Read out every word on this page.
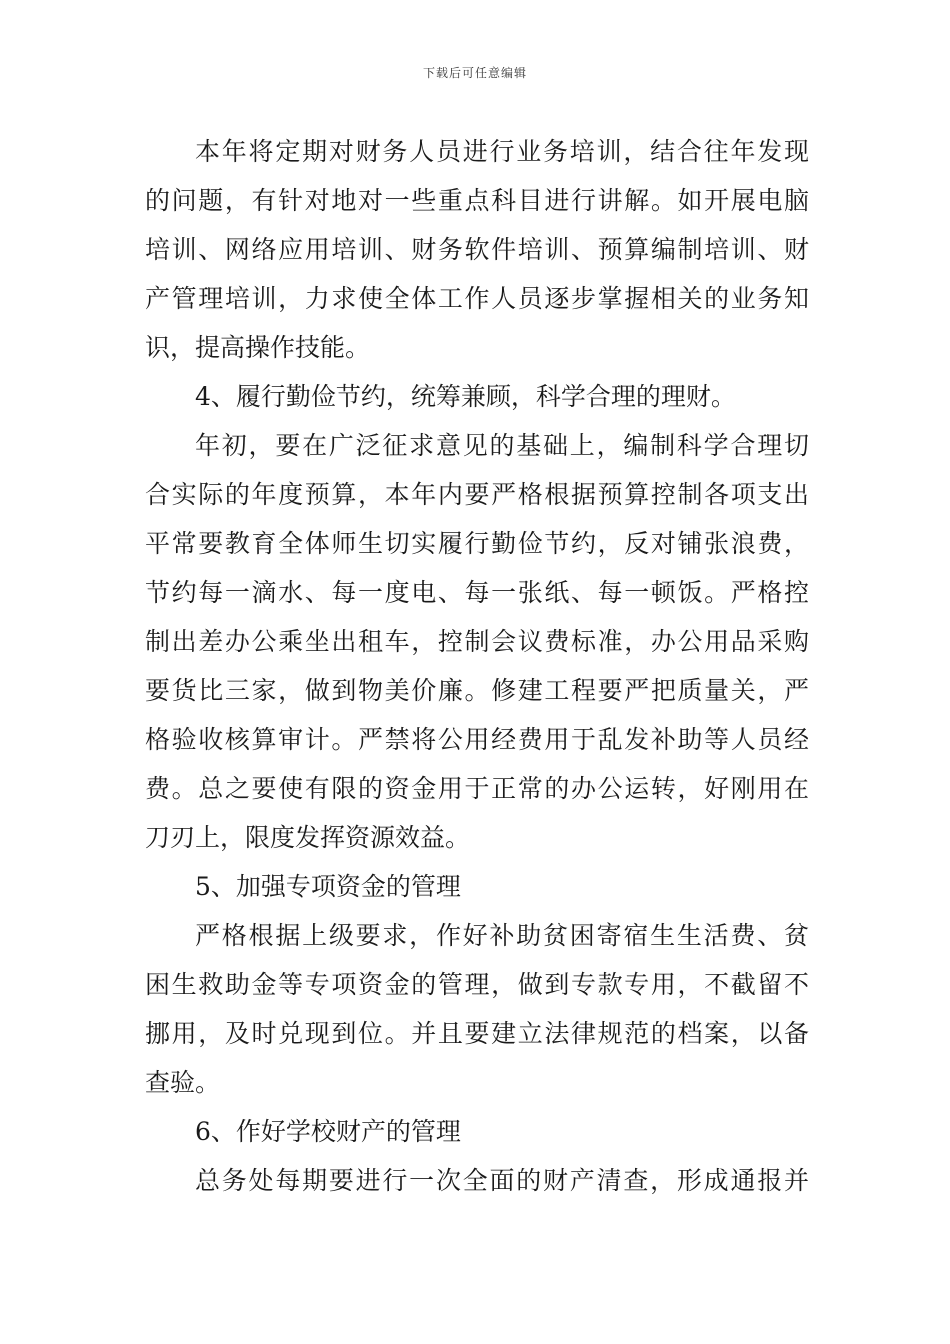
下载后可任意编辑
本年将定期对财务人员进行业务培训，结合往年发现
的问题，有针对地对一些重点科目进行讲解。如开展电脑
培训、网络应用培训、财务软件培训、预算编制培训、财
产管理培训，力求使全体工作人员逐步掌握相关的业务知
识，提高操作技能。
4、履行勤俭节约，统筹兼顾，科学合理的理财。
年初，要在广泛征求意见的基础上，编制科学合理切
合实际的年度预算，本年内要严格根据预算控制各项支出
平常要教育全体师生切实履行勤俭节约，反对铺张浪费，
节约每一滴水、每一度电、每一张纸、每一顿饭。严格控
制出差办公乘坐出租车，控制会议费标准，办公用品采购
要货比三家，做到物美价廉。修建工程要严把质量关，严
格验收核算审计。严禁将公用经费用于乱发补助等人员经
费。总之要使有限的资金用于正常的办公运转，好刚用在
刀刃上，限度发挥资源效益。
5、加强专项资金的管理
严格根据上级要求，作好补助贫困寄宿生生活费、贫
困生救助金等专项资金的管理，做到专款专用，不截留不
挪用，及时兑现到位。并且要建立法律规范的档案，以备
查验。
6、作好学校财产的管理
总务处每期要进行一次全面的财产清查，形成通报并
